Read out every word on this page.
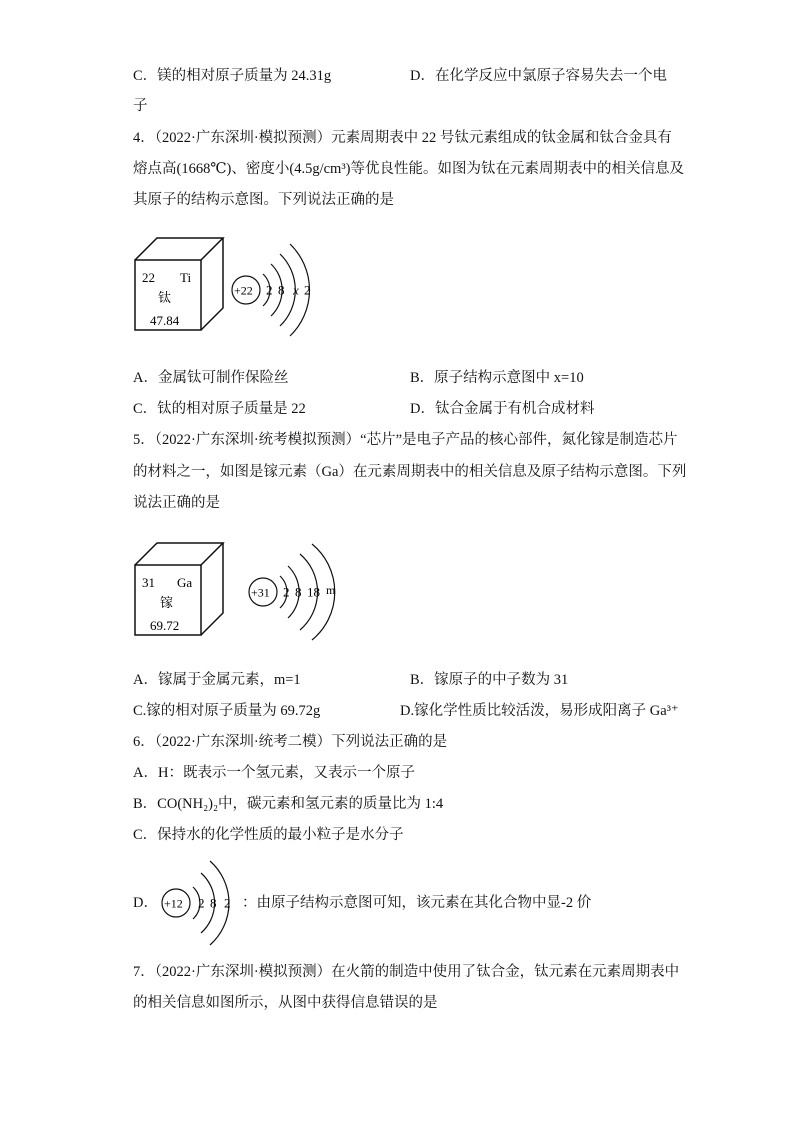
C．镁的相对原子质量为 24.31g	D．在化学反应中氯原子容易失去一个电
子
4．（2022·广东深圳·模拟预测）元素周期表中 22 号钛元素组成的钛金属和钛合金具有
熔点高(1668℃)、密度小(4.5g/cm³)等优良性能。如图为钛在元素周期表中的相关信息及
其原子的结构示意图。下列说法正确的是
22 Ti
钛
47.84
+22 2 8 x 2
A．金属钛可制作保险丝	B．原子结构示意图中 x=10
C．钛的相对原子质量是 22	D．钛合金属于有机合成材料
5．（2022·广东深圳·统考模拟预测）“芯片”是电子产品的核心部件，氮化镓是制造芯片
的材料之一，如图是镓元素（Ga）在元素周期表中的相关信息及原子结构示意图。下列
说法正确的是
31 Ga
镓
69.72
+31 2 8 18 m
A．镓属于金属元素，m=1	B．镓原子的中子数为 31
C.镓的相对原子质量为 69.72g	D.镓化学性质比较活泼，易形成阳离子 Ga³⁺
6．（2022·广东深圳·统考二模）下列说法正确的是
A．H：既表示一个氢元素，又表示一个原子
B．CO(NH₂)₂中，碳元素和氢元素的质量比为 1:4
C．保持水的化学性质的最小粒子是水分子
D． +12 2 8 2 ：由原子结构示意图可知，该元素在其化合物中显-2 价
7．（2022·广东深圳·模拟预测）在火箭的制造中使用了钛合金，钛元素在元素周期表中
的相关信息如图所示，从图中获得信息错误的是
